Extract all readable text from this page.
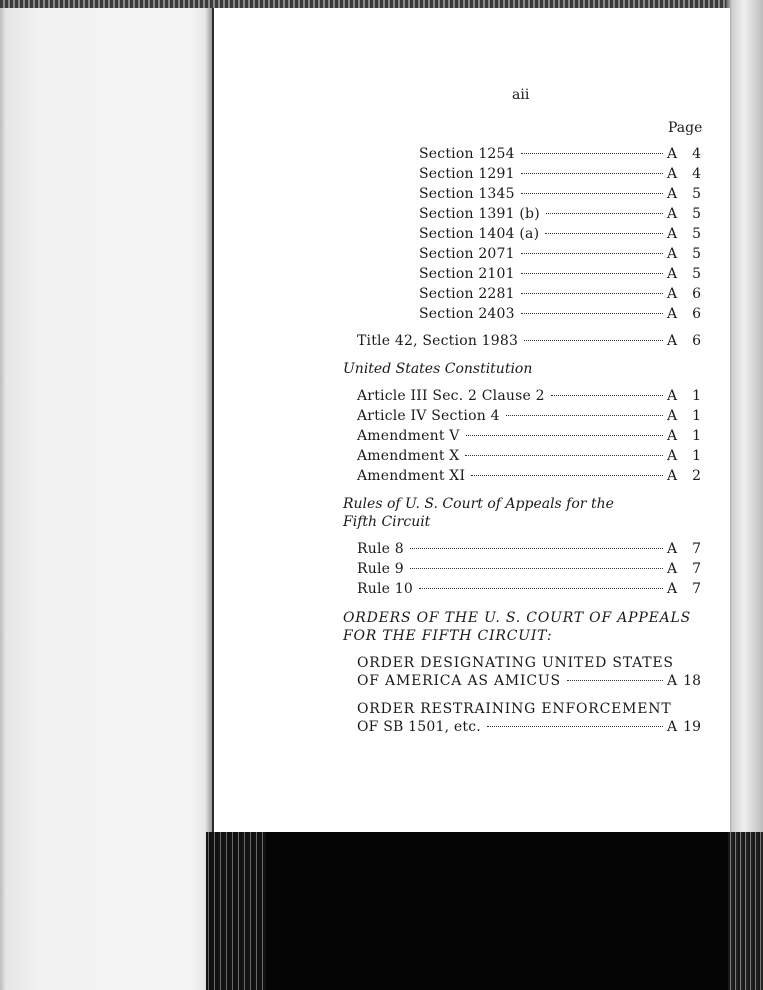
aii
Page
Section 1254	A 4
Section 1291	A 4
Section 1345	A 5
Section 1391 (b)	A 5
Section 1404 (a)	A 5
Section 2071	A 5
Section 2101	A 5
Section 2281	A 6
Section 2403	A 6
Title 42, Section 1983	A 6
United States Constitution
Article III Sec. 2 Clause 2	A 1
Article IV Section 4	A 1
Amendment V	A 1
Amendment X	A 1
Amendment XI	A 2
Rules of U. S. Court of Appeals for the
Fifth Circuit
Rule 8	A 7
Rule 9	A 7
Rule 10	A 7
ORDERS OF THE U. S. COURT OF APPEALS
FOR THE FIFTH CIRCUIT:
ORDER DESIGNATING UNITED STATES
OF AMERICA AS AMICUS	A 18
ORDER RESTRAINING ENFORCEMENT
OF SB 1501, etc.	A 19
